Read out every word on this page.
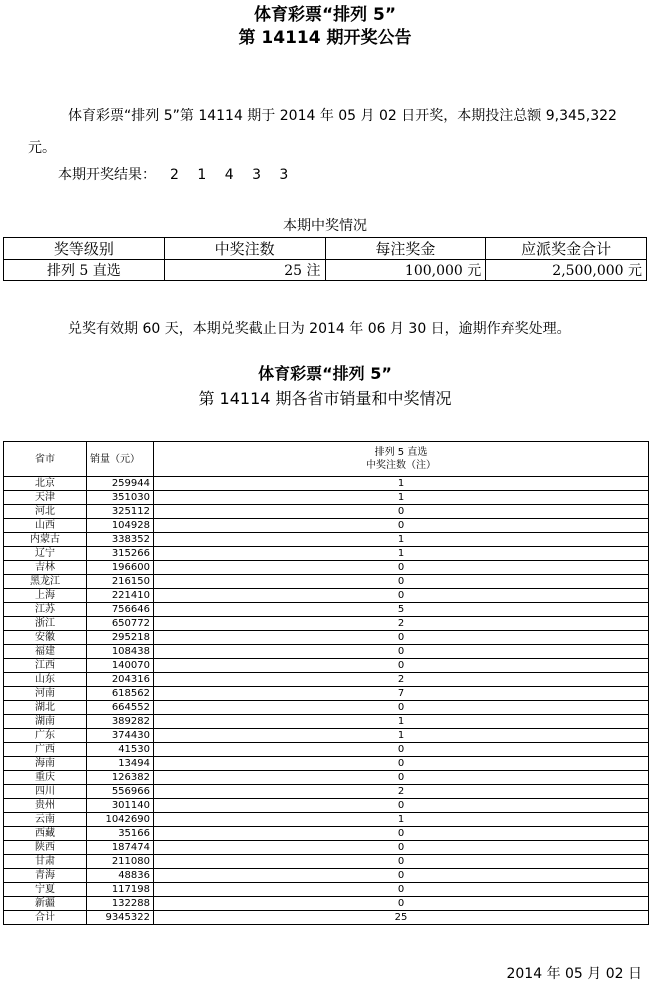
体育彩票“排列 5”
第 14114 期开奖公告
体育彩票“排列 5”第 14114 期于 2014 年 05 月 02 日开奖，本期投注总额 9,345,322 元。
本期开奖结果： 2 1 4 3 3
本期中奖情况
奖等级别	中奖注数	每注奖金	应派奖金合计
排列 5 直选	25 注	100,000 元	2,500,000 元
兑奖有效期 60 天，本期兑奖截止日为 2014 年 06 月 30 日，逾期作弃奖处理。
体育彩票“排列 5”
第 14114 期各省市销量和中奖情况
省市	销量（元）	排列 5 直选
中奖注数（注）

北京	259944	1
天津	351030	1
河北	325112	0
山西	104928	0
内蒙古	338352	1
辽宁	315266	1
吉林	196600	0
黑龙江	216150	0
上海	221410	0
江苏	756646	5
浙江	650772	2
安徽	295218	0
福建	108438	0
江西	140070	0
山东	204316	2
河南	618562	7
湖北	664552	0
湖南	389282	1
广东	374430	1
广西	41530	0
海南	13494	0
重庆	126382	0
四川	556966	2
贵州	301140	0
云南	1042690	1
西藏	35166	0
陕西	187474	0
甘肃	211080	0
青海	48836	0
宁夏	117198	0
新疆	132288	0
合计	9345322	25
2014 年 05 月 02 日
